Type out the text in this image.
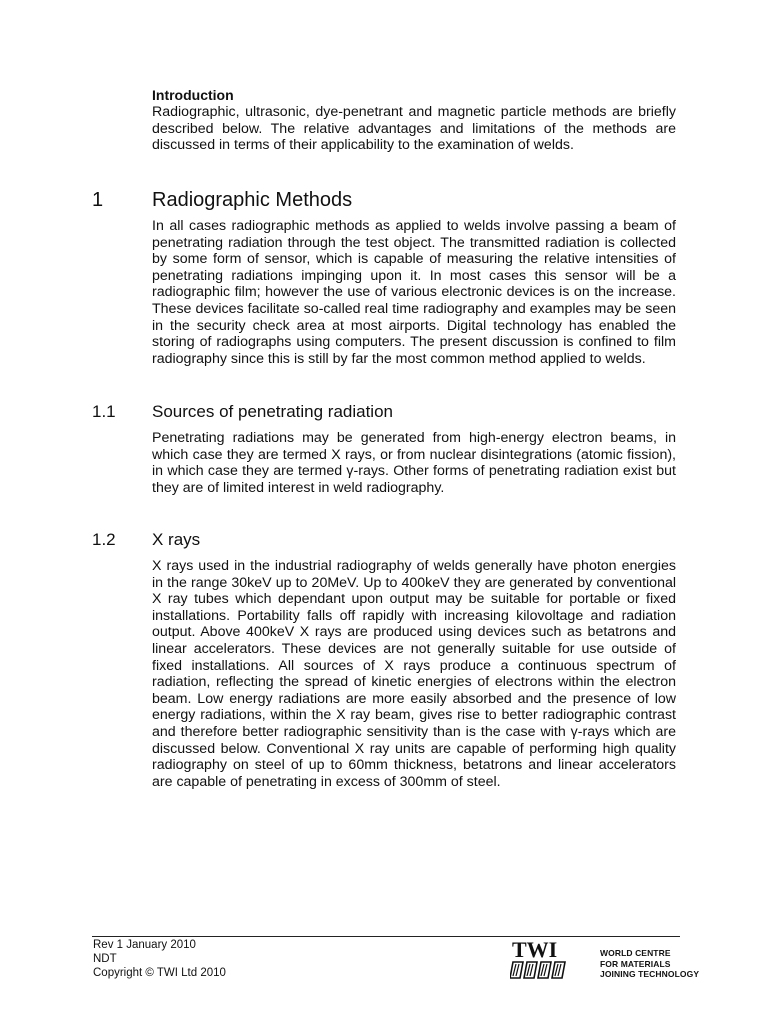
Introduction

Radiographic, ultrasonic, dye-penetrant and magnetic particle methods are briefly described below. The relative advantages and limitations of the methods are discussed in terms of their applicability to the examination of welds.

1 Radiographic Methods

In all cases radiographic methods as applied to welds involve passing a beam of penetrating radiation through the test object. The transmitted radiation is collected by some form of sensor, which is capable of measuring the relative intensities of penetrating radiations impinging upon it. In most cases this sensor will be a radiographic film; however the use of various electronic devices is on the increase. These devices facilitate so-called real time radiography and examples may be seen in the security check area at most airports. Digital technology has enabled the storing of radiographs using computers. The present discussion is confined to film radiography since this is still by far the most common method applied to welds.

1.1 Sources of penetrating radiation

Penetrating radiations may be generated from high-energy electron beams, in which case they are termed X rays, or from nuclear disintegrations (atomic fission), in which case they are termed γ-rays. Other forms of penetrating radiation exist but they are of limited interest in weld radiography.

1.2 X rays

X rays used in the industrial radiography of welds generally have photon energies in the range 30keV up to 20MeV. Up to 400keV they are generated by conventional X ray tubes which dependant upon output may be suitable for portable or fixed installations. Portability falls off rapidly with increasing kilovoltage and radiation output. Above 400keV X rays are produced using devices such as betatrons and linear accelerators. These devices are not generally suitable for use outside of fixed installations. All sources of X rays produce a continuous spectrum of radiation, reflecting the spread of kinetic energies of electrons within the electron beam. Low energy radiations are more easily absorbed and the presence of low energy radiations, within the X ray beam, gives rise to better radiographic contrast and therefore better radiographic sensitivity than is the case with γ-rays which are discussed below. Conventional X ray units are capable of performing high quality radiography on steel of up to 60mm thickness, betatrons and linear accelerators are capable of penetrating in excess of 300mm of steel.

Rev 1 January 2010
NDT
Copyright © TWI Ltd 2010
TWI	WORLD CENTRE
FOR MATERIALS
JOINING TECHNOLOGY
